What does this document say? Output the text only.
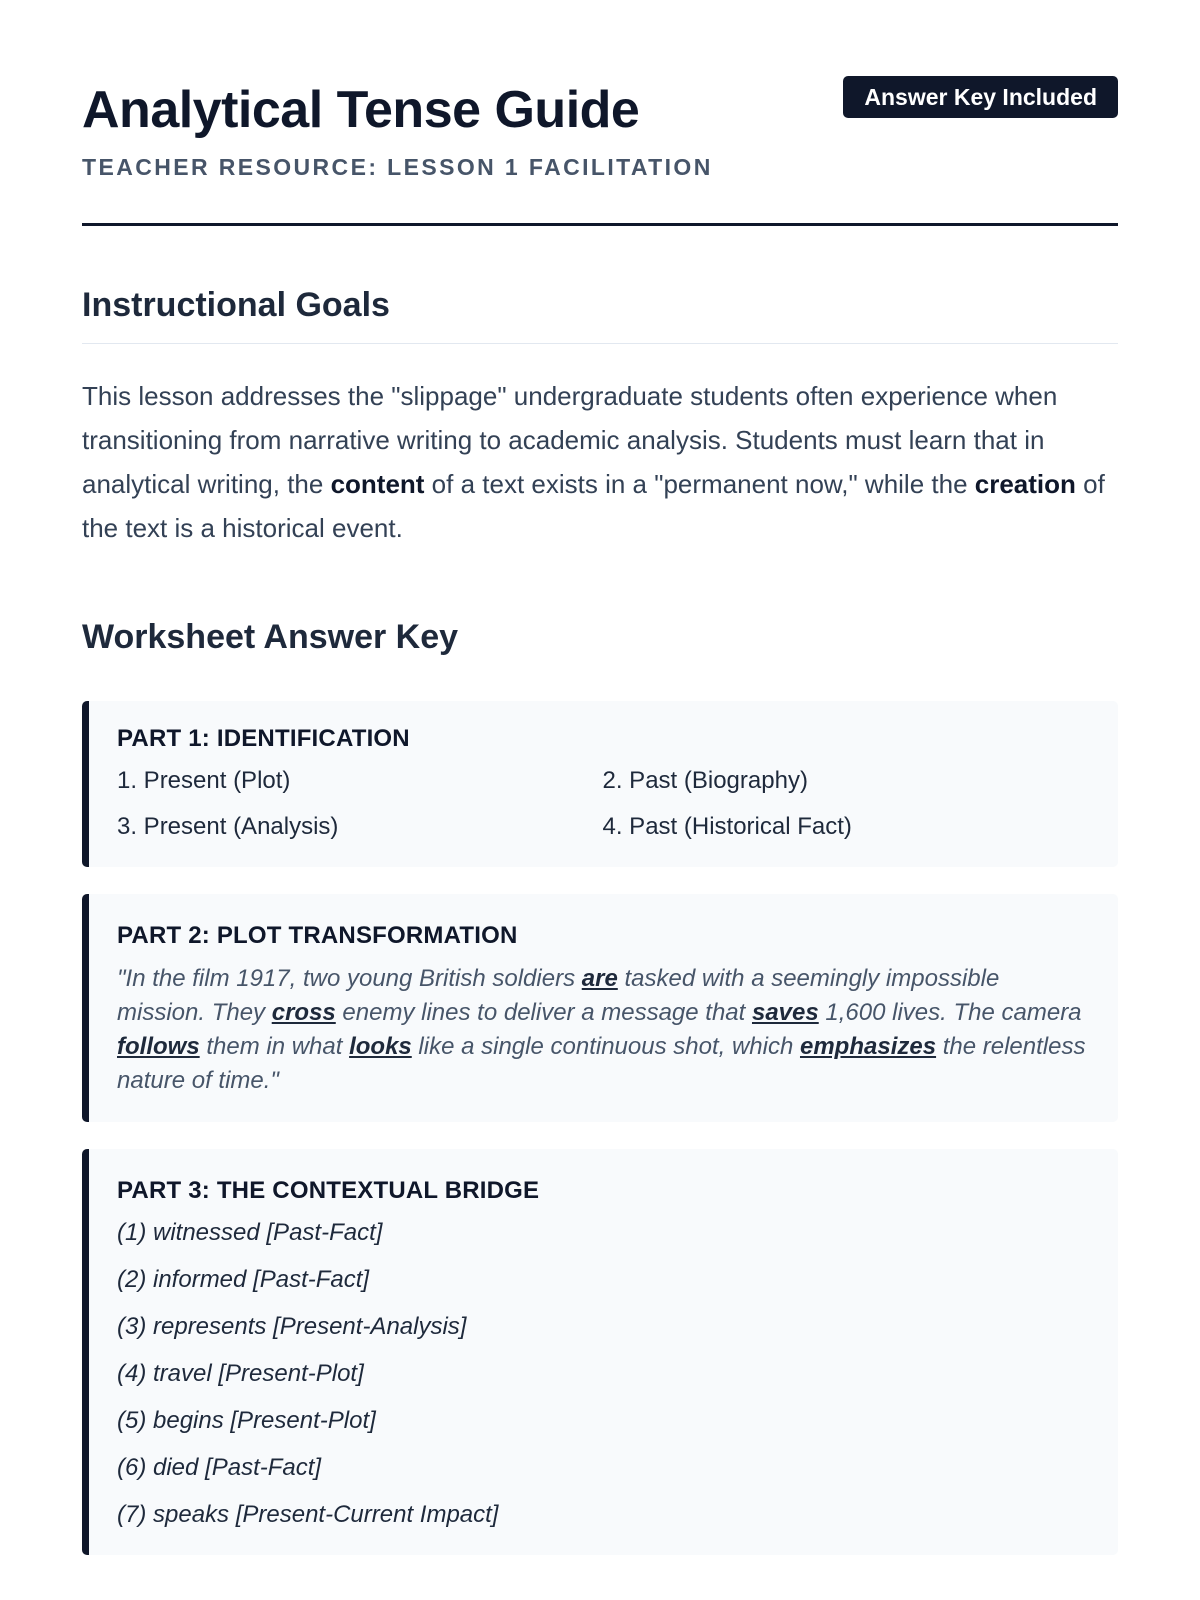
Analytical Tense Guide
TEACHER RESOURCE: LESSON 1 FACILITATION
Answer Key Included
Instructional Goals

This lesson addresses the "slippage" undergraduate students often experience when transitioning from narrative writing to academic analysis. Students must learn that in analytical writing, the content of a text exists in a "permanent now," while the creation of the text is a historical event.

Worksheet Answer Key
PART 1: IDENTIFICATION
1. Present (Plot)	2. Past (Biography)
3. Present (Analysis)	4. Past (Historical Fact)
PART 2: PLOT TRANSFORMATION
"In the film 1917, two young British soldiers are tasked with a seemingly impossible mission. They cross enemy lines to deliver a message that saves 1,600 lives. The camera follows them in what looks like a single continuous shot, which emphasizes the relentless nature of time."
PART 3: THE CONTEXTUAL BRIDGE
(1) witnessed [Past-Fact]
(2) informed [Past-Fact]
(3) represents [Present-Analysis]
(4) travel [Present-Plot]
(5) begins [Present-Plot]
(6) died [Past-Fact]
(7) speaks [Present-Current Impact]
